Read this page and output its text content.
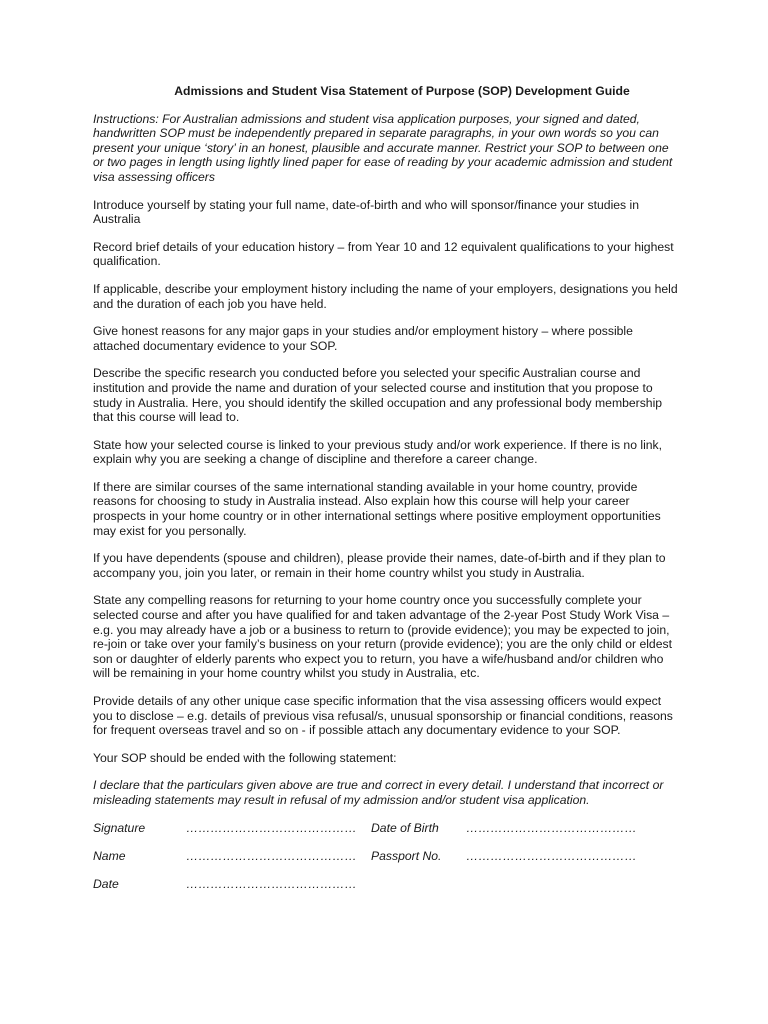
Admissions and Student Visa Statement of Purpose (SOP) Development Guide
Instructions: For Australian admissions and student visa application purposes, your signed and dated, handwritten SOP must be independently prepared in separate paragraphs, in your own words so you can present your unique ‘story’ in an honest, plausible and accurate manner. Restrict your SOP to between one or two pages in length using lightly lined paper for ease of reading by your academic admission and student visa assessing officers
Introduce yourself by stating your full name, date-of-birth and who will sponsor/finance your studies in Australia
Record brief details of your education history – from Year 10 and 12 equivalent qualifications to your highest qualification.
If applicable, describe your employment history including the name of your employers, designations you held and the duration of each job you have held.
Give honest reasons for any major gaps in your studies and/or employment history – where possible attached documentary evidence to your SOP.
Describe the specific research you conducted before you selected your specific Australian course and institution and provide the name and duration of your selected course and institution that you propose to study in Australia. Here, you should identify the skilled occupation and any professional body membership that this course will lead to.
State how your selected course is linked to your previous study and/or work experience. If there is no link, explain why you are seeking a change of discipline and therefore a career change.
If there are similar courses of the same international standing available in your home country, provide reasons for choosing to study in Australia instead. Also explain how this course will help your career prospects in your home country or in other international settings where positive employment opportunities may exist for you personally.
If you have dependents (spouse and children), please provide their names, date-of-birth and if they plan to accompany you, join you later, or remain in their home country whilst you study in Australia.
State any compelling reasons for returning to your home country once you successfully complete your selected course and after you have qualified for and taken advantage of the 2-year Post Study Work Visa – e.g. you may already have a job or a business to return to (provide evidence); you may be expected to join, re-join or take over your family’s business on your return (provide evidence); you are the only child or eldest son or daughter of elderly parents who expect you to return, you have a wife/husband and/or children who will be remaining in your home country whilst you study in Australia, etc.
Provide details of any other unique case specific information that the visa assessing officers would expect you to disclose – e.g. details of previous visa refusal/s, unusual sponsorship or financial conditions, reasons for frequent overseas travel and so on - if possible attach any documentary evidence to your SOP.
Your SOP should be ended with the following statement:
I declare that the particulars given above are true and correct in every detail. I understand that incorrect or misleading statements may result in refusal of my admission and/or student visa application.
Signature	…………………………………… Date of Birth ……………………………………
Name	…………………………………… Passport No. ……………………………………
Date	……………………………………
